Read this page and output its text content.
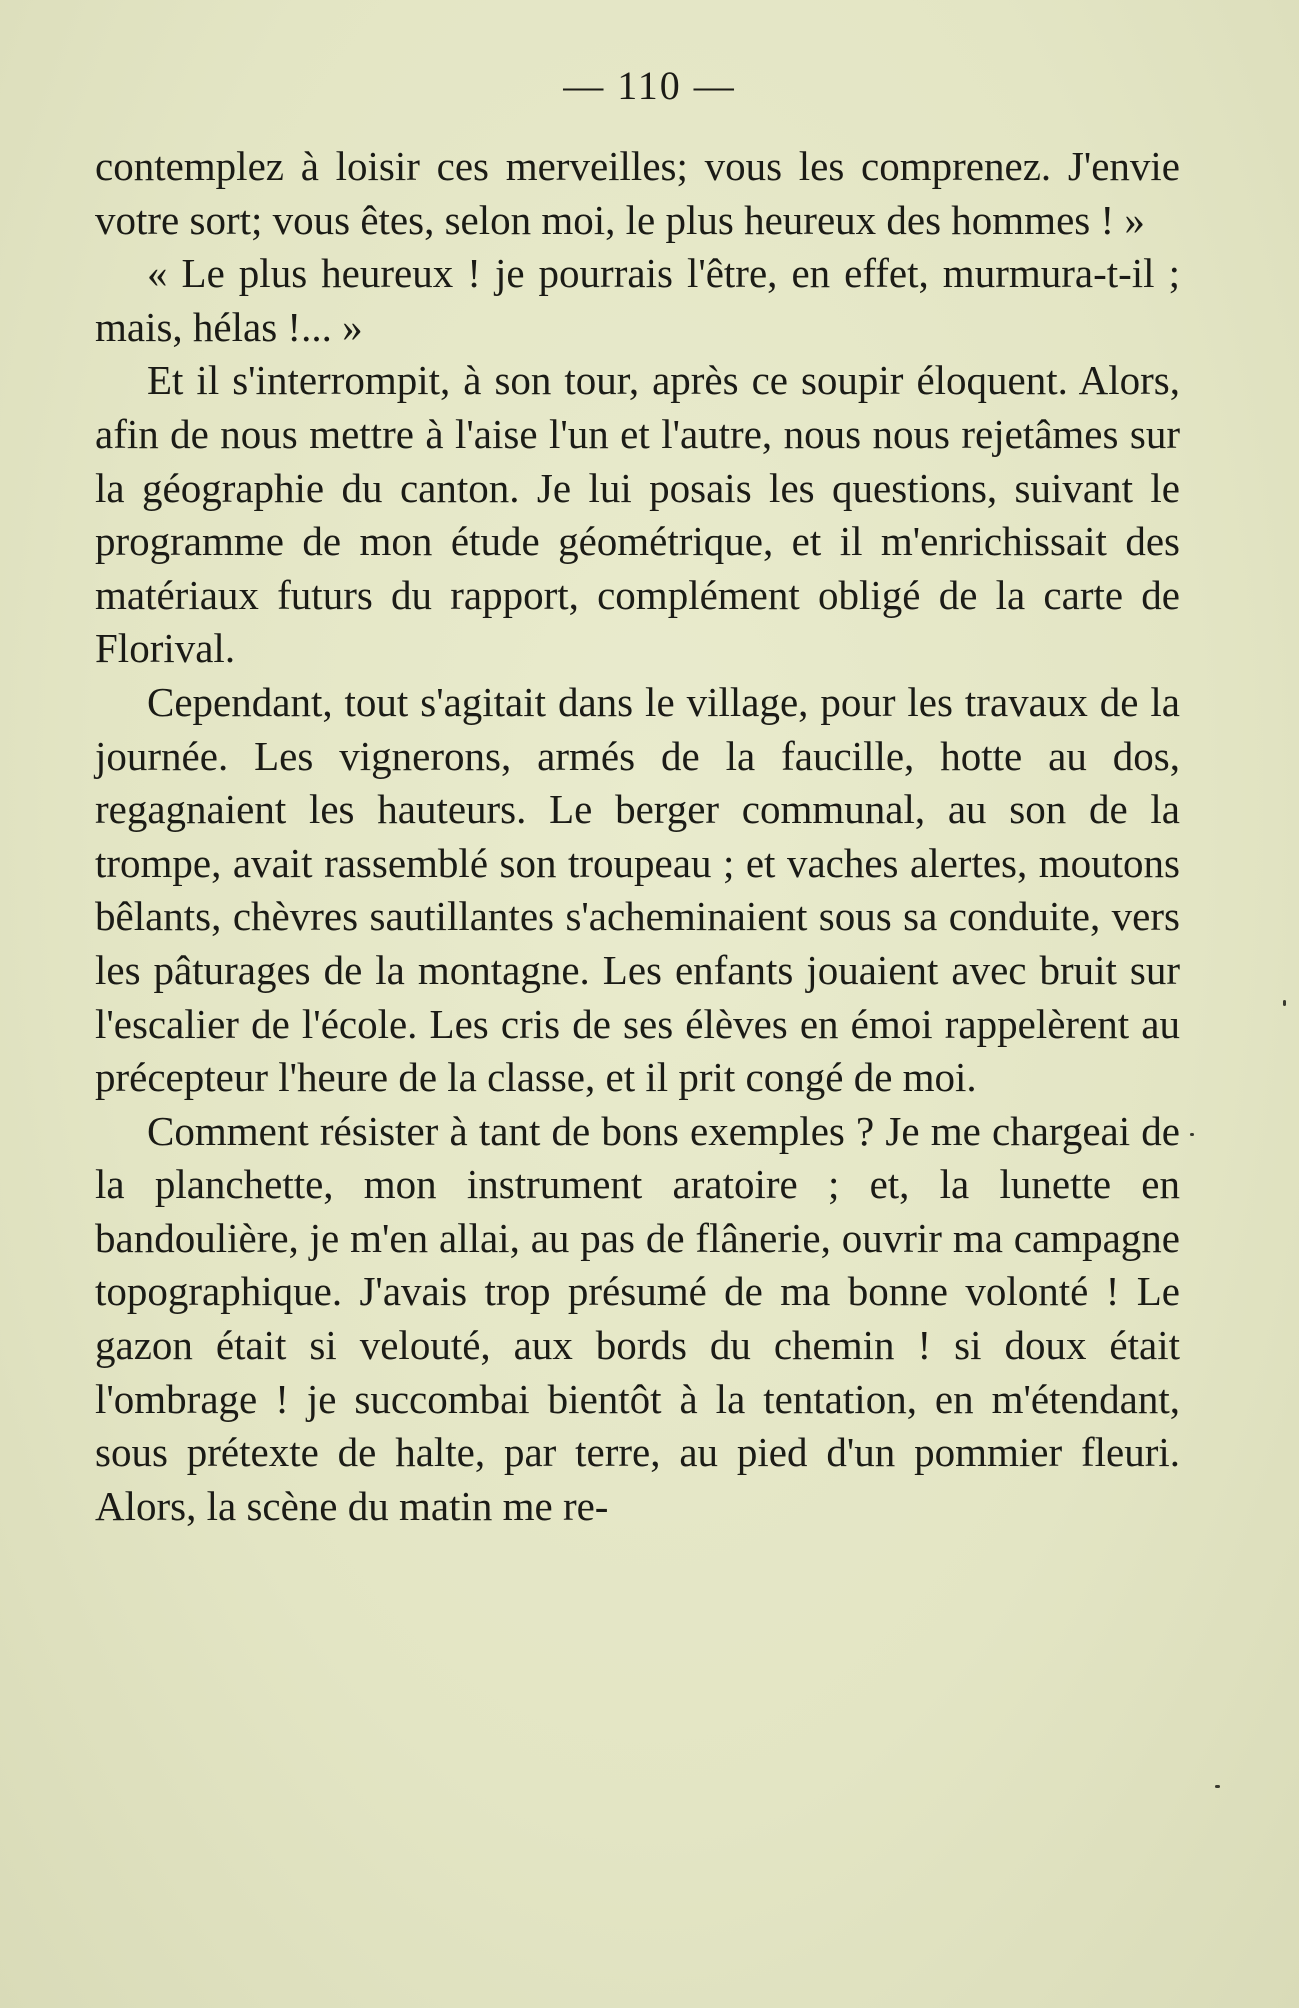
— 110 —

contemplez à loisir ces merveilles; vous les comprenez. J'envie votre sort; vous êtes, selon moi, le plus heureux des hommes ! »

« Le plus heureux ! je pourrais l'être, en effet, murmura-t-il ; mais, hélas !... »

Et il s'interrompit, à son tour, après ce soupir éloquent. Alors, afin de nous mettre à l'aise l'un et l'autre, nous nous rejetâmes sur la géographie du canton. Je lui posais les questions, suivant le programme de mon étude géométrique, et il m'enrichissait des matériaux futurs du rapport, complément obligé de la carte de Florival.

Cependant, tout s'agitait dans le village, pour les travaux de la journée. Les vignerons, armés de la faucille, hotte au dos, regagnaient les hauteurs. Le berger communal, au son de la trompe, avait rassemblé son troupeau ; et vaches alertes, moutons bêlants, chèvres sautillantes s'acheminaient sous sa conduite, vers les pâturages de la montagne. Les enfants jouaient avec bruit sur l'escalier de l'école. Les cris de ses élèves en émoi rappelèrent au précepteur l'heure de la classe, et il prit congé de moi.

Comment résister à tant de bons exemples ? Je me chargeai de la planchette, mon instrument aratoire ; et, la lunette en bandoulière, je m'en allai, au pas de flânerie, ouvrir ma campagne topographique. J'avais trop présumé de ma bonne volonté ! Le gazon était si velouté, aux bords du chemin ! si doux était l'ombrage ! je succombai bientôt à la tentation, en m'étendant, sous prétexte de halte, par terre, au pied d'un pommier fleuri. Alors, la scène du matin me re-
